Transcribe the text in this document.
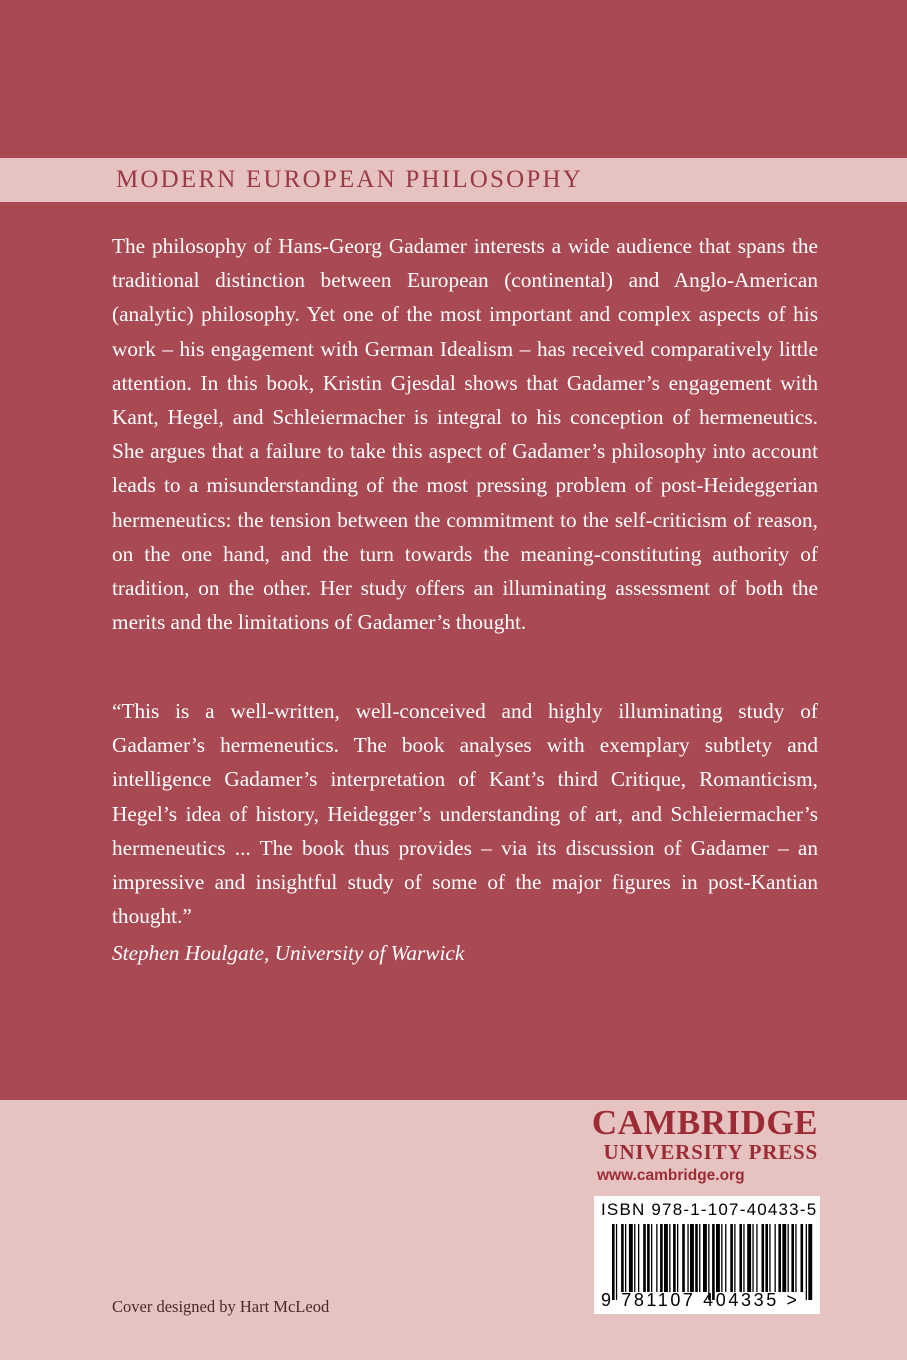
MODERN EUROPEAN PHILOSOPHY

The philosophy of Hans-Georg Gadamer interests a wide audience that spans the traditional distinction between European (continental) and Anglo-American (analytic) philosophy. Yet one of the most important and complex aspects of his work – his engagement with German Idealism – has received comparatively little attention. In this book, Kristin Gjesdal shows that Gadamer’s engagement with Kant, Hegel, and Schleiermacher is integral to his conception of hermeneutics. She argues that a failure to take this aspect of Gadamer’s philosophy into account leads to a misunderstanding of the most pressing problem of post-Heideggerian hermeneutics: the tension between the commitment to the self-criticism of reason, on the one hand, and the turn towards the meaning-constituting authority of tradition, on the other. Her study offers an illuminating assessment of both the merits and the limitations of Gadamer’s thought.

“This is a well-written, well-conceived and highly illuminating study of Gadamer’s hermeneutics. The book analyses with exemplary subtlety and intelligence Gadamer’s interpretation of Kant’s third Critique, Romanticism, Hegel’s idea of history, Heidegger’s understanding of art, and Schleiermacher’s hermeneutics ... The book thus provides – via its discussion of Gadamer – an impressive and insightful study of some of the major figures in post-Kantian thought.”

Stephen Houlgate, University of Warwick

CAMBRIDGE
UNIVERSITY PRESS
www.cambridge.org
ISBN 978-1-107-40433-5
9 781107 404335 >
Cover designed by Hart McLeod
